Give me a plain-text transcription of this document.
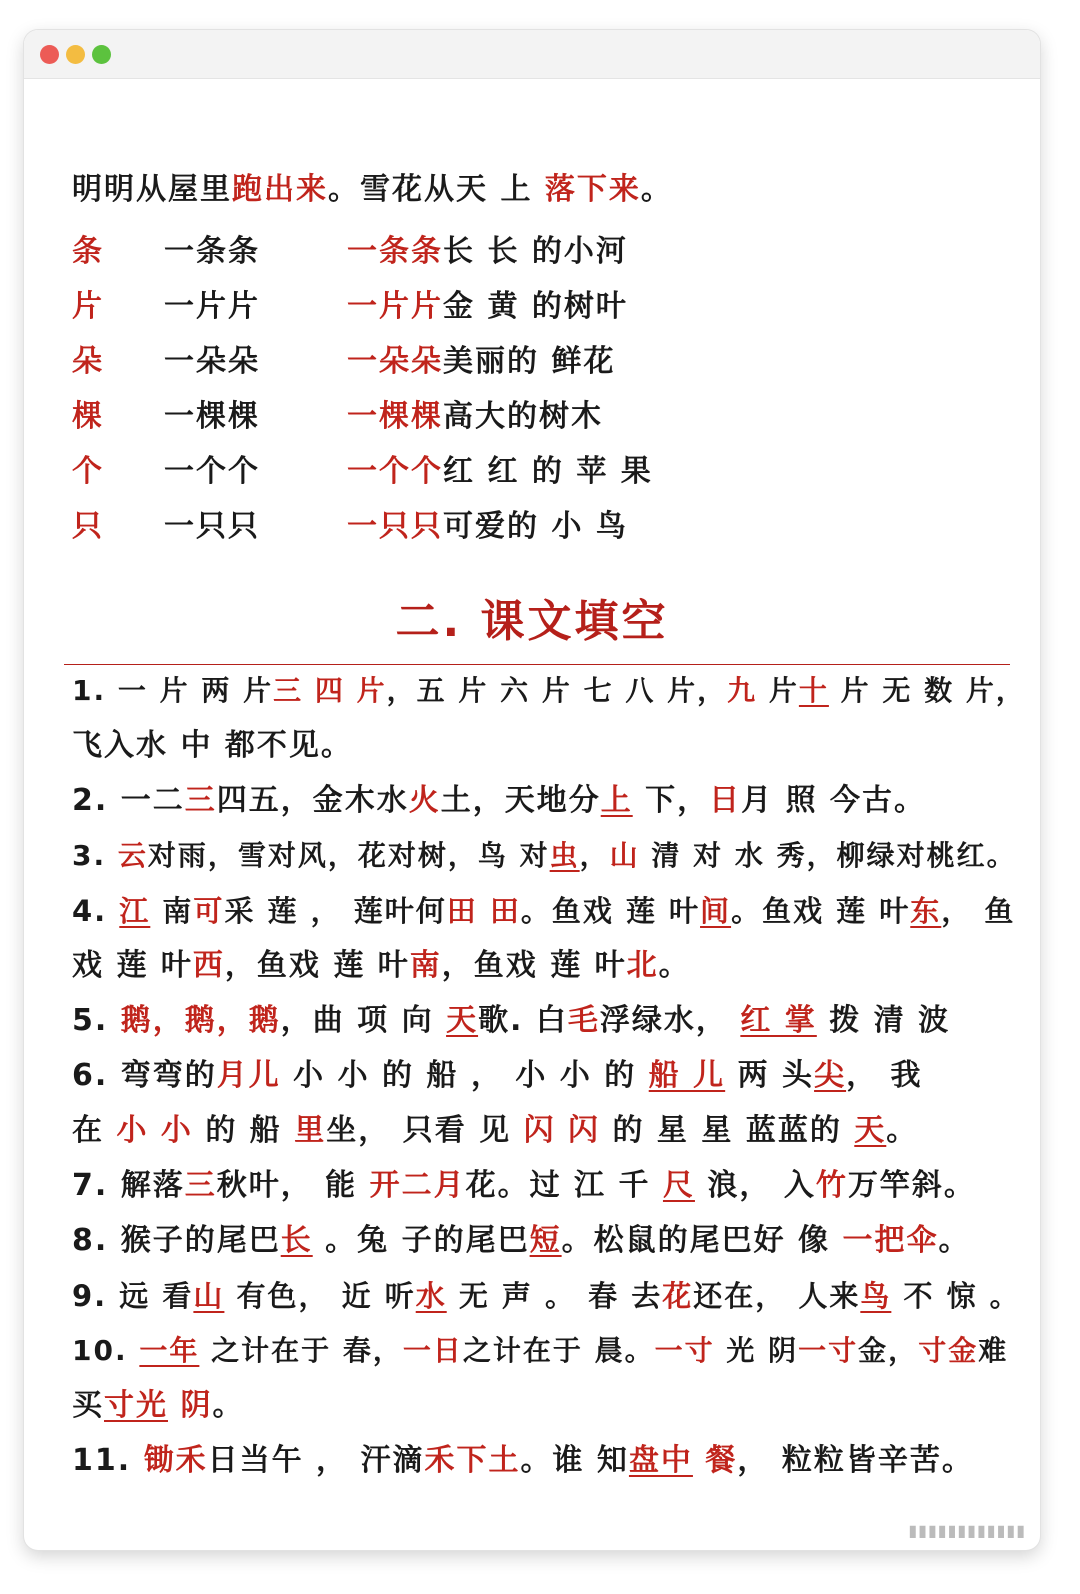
明明从屋里跑出来。雪花从天 上 落下来。
条 一条条	一条条长 长 的小河
片 一片片	一片片金 黄 的树叶
朵 一朵朵	一朵朵美丽的 鲜花
棵 一棵棵	一棵棵高大的树木
个 一个个	一个个红 红 的 苹 果
只 一只只	一只只可爱的 小 鸟
二. 课文填空
1. 一 片 两 片三 四 片，五 片 六 片 七 八 片，九 片十 片 无 数 片，
飞入水 中 都不见。
2. 一二三四五，金木水火土，天地分上 下，日月 照 今古。
3. 云对雨，雪对风，花对树，鸟 对虫，山 清 对 水 秀，柳绿对桃红。
4. 江 南可采 莲 ， 莲叶何田 田。鱼戏 莲 叶间。鱼戏 莲 叶东， 鱼
戏 莲 叶西，鱼戏 莲 叶南，鱼戏 莲 叶北。
5. 鹅，鹅，鹅，曲 项 向 天歌. 白毛浮绿水， 红 掌 拨 清 波
6. 弯弯的月儿 小 小 的 船 ， 小 小 的 船 儿 两 头尖， 我
在 小 小 的 船 里坐， 只看 见 闪 闪 的 星 星 蓝蓝的 天。
7. 解落三秋叶， 能 开二月花。过 江 千 尺 浪， 入竹万竿斜。
8. 猴子的尾巴长 。兔 子的尾巴短。松鼠的尾巴好 像 一把伞。
9. 远 看山 有色， 近 听水 无 声 。 春 去花还在， 人来鸟 不 惊 。
10. 一年 之计在于 春，一日之计在于 晨。一寸 光 阴一寸金，寸金难
买寸光 阴。
11. 锄禾日当午 ， 汗滴禾下土。谁 知盘中 餐， 粒粒皆辛苦。
▮▮▮▮▮▮▮▮▮▮▮▮
